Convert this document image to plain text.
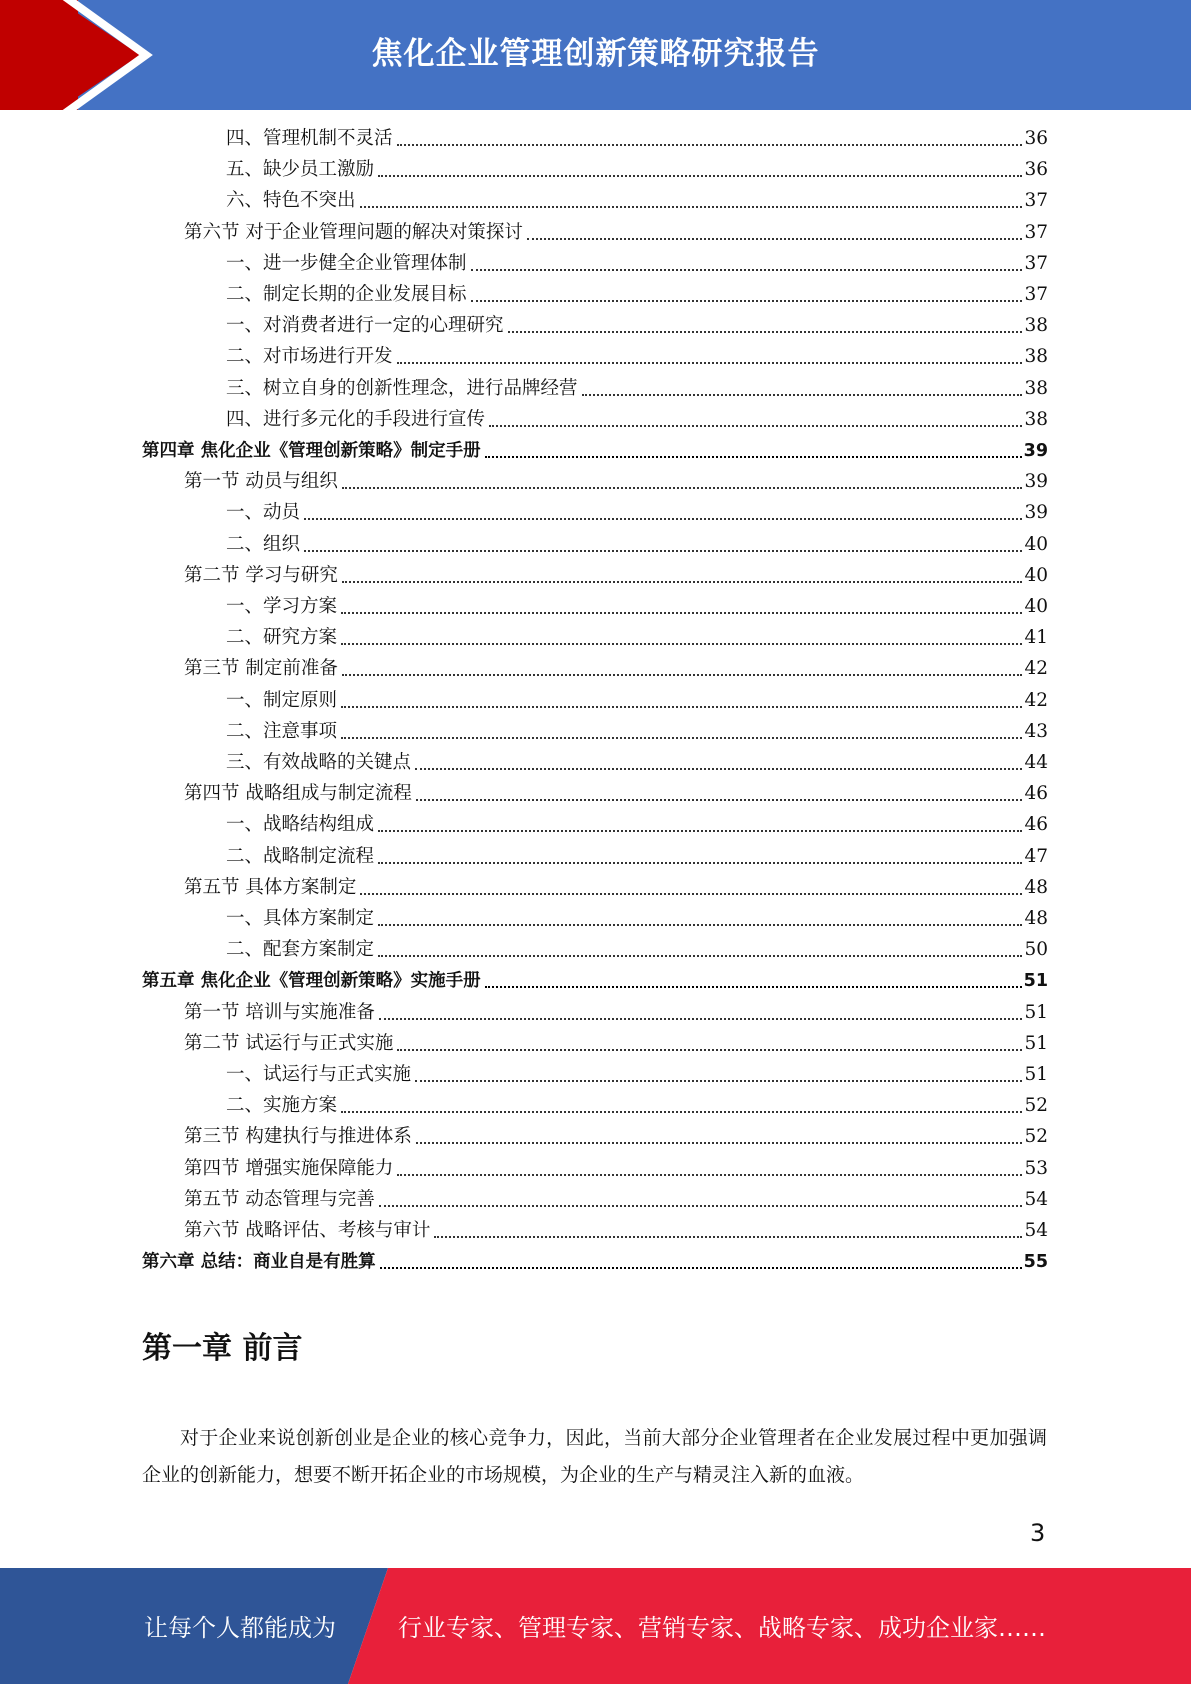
焦化企业管理创新策略研究报告
四、管理机制不灵活	36
五、缺少员工激励	36
六、特色不突出	37
第六节 对于企业管理问题的解决对策探讨	37
一、进一步健全企业管理体制	37
二、制定长期的企业发展目标	37
一、对消费者进行一定的心理研究	38
二、对市场进行开发	38
三、树立自身的创新性理念，进行品牌经营	38
四、进行多元化的手段进行宣传	38
第四章 焦化企业《管理创新策略》制定手册	39
第一节 动员与组织	39
一、动员	39
二、组织	40
第二节 学习与研究	40
一、学习方案	40
二、研究方案	41
第三节 制定前准备	42
一、制定原则	42
二、注意事项	43
三、有效战略的关键点	44
第四节 战略组成与制定流程	46
一、战略结构组成	46
二、战略制定流程	47
第五节 具体方案制定	48
一、具体方案制定	48
二、配套方案制定	50
第五章 焦化企业《管理创新策略》实施手册	51
第一节 培训与实施准备	51
第二节 试运行与正式实施	51
一、试运行与正式实施	51
二、实施方案	52
第三节 构建执行与推进体系	52
第四节 增强实施保障能力	53
第五节 动态管理与完善	54
第六节 战略评估、考核与审计	54
第六章 总结：商业自是有胜算	55
第一章 前言
对于企业来说创新创业是企业的核心竞争力，因此，当前大部分企业管理者在企业发展过程中更加强调企业的创新能力，想要不断开拓企业的市场规模，为企业的生产与精灵注入新的血液。
3
让每个人都能成为	行业专家、管理专家、营销专家、战略专家、成功企业家……
